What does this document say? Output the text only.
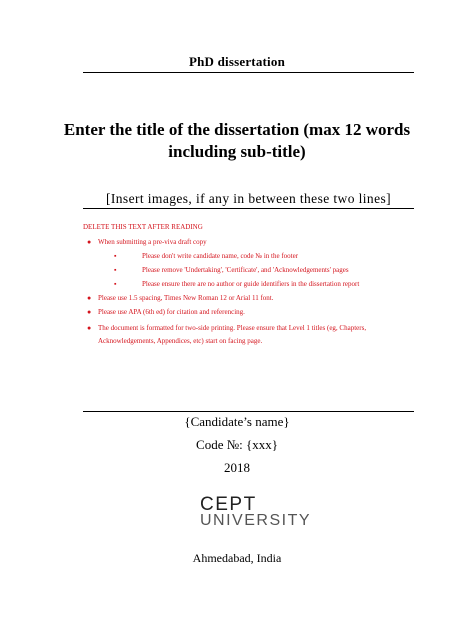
PhD dissertation
Enter the title of the dissertation (max 12 words
including sub-title)
[Insert images, if any in between these two lines]
DELETE THIS TEXT AFTER READING
● When submitting a pre-viva draft copy
▪	Please don't write candidate name, code № in the footer
▪	Please remove 'Undertaking', 'Certificate', and 'Acknowledgements' pages
▪	Please ensure there are no author or guide identifiers in the dissertation report
● Please use 1.5 spacing, Times New Roman 12 or Arial 11 font.
● Please use APA (6th ed) for citation and referencing.
● The document is formatted for two-side printing. Please ensure that Level 1 titles (eg, Chapters, Acknowledgements, Appendices, etc) start on facing page.
{Candidate’s name}
Code №: {xxx}
2018
CEPT
UNIVERSITY
Ahmedabad, India
